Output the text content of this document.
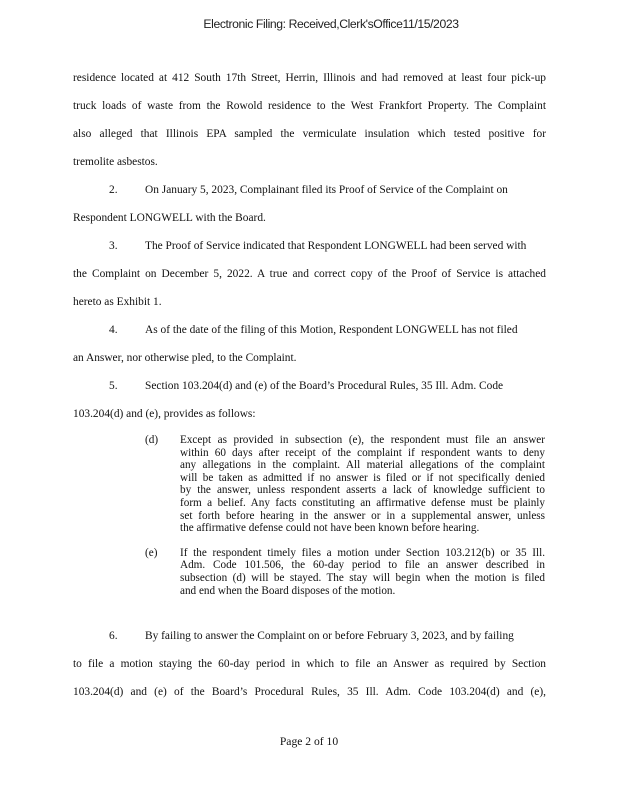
Electronic Filing: Received,Clerk'sOffice11/15/2023
residence located at 412 South 17th Street, Herrin, Illinois and had removed at least four pick-up
truck loads of waste from the Rowold residence to the West Frankfort Property. The Complaint
also alleged that Illinois EPA sampled the vermiculate insulation which tested positive for
tremolite asbestos.
2. On January 5, 2023, Complainant filed its Proof of Service of the Complaint on
Respondent LONGWELL with the Board.
3. The Proof of Service indicated that Respondent LONGWELL had been served with
the Complaint on December 5, 2022. A true and correct copy of the Proof of Service is attached
hereto as Exhibit 1.
4. As of the date of the filing of this Motion, Respondent LONGWELL has not filed
an Answer, nor otherwise pled, to the Complaint.
5. Section 103.204(d) and (e) of the Board’s Procedural Rules, 35 Ill. Adm. Code
103.204(d) and (e), provides as follows:
(d) Except as provided in subsection (e), the respondent must file an answer
within 60 days after receipt of the complaint if respondent wants to deny
any allegations in the complaint. All material allegations of the complaint
will be taken as admitted if no answer is filed or if not specifically denied
by the answer, unless respondent asserts a lack of knowledge sufficient to
form a belief. Any facts constituting an affirmative defense must be plainly
set forth before hearing in the answer or in a supplemental answer, unless
the affirmative defense could not have been known before hearing.
(e) If the respondent timely files a motion under Section 103.212(b) or 35 Ill.
Adm. Code 101.506, the 60-day period to file an answer described in
subsection (d) will be stayed. The stay will begin when the motion is filed
and end when the Board disposes of the motion.
6. By failing to answer the Complaint on or before February 3, 2023, and by failing
to file a motion staying the 60-day period in which to file an Answer as required by Section
103.204(d) and (e) of the Board’s Procedural Rules, 35 Ill. Adm. Code 103.204(d) and (e),
Page 2 of 10
